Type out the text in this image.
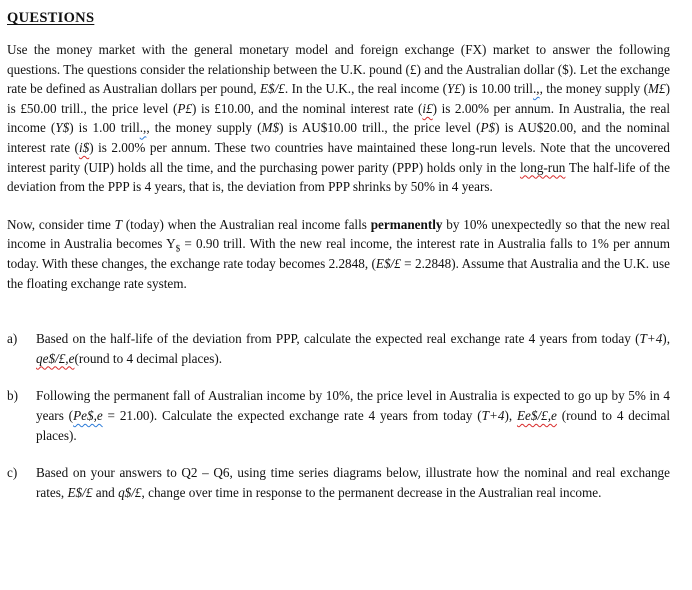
QUESTIONS

Use the money market with the general monetary model and foreign exchange (FX) market to answer the following questions. The questions consider the relationship between the U.K. pound (£) and the Australian dollar ($). Let the exchange rate be defined as Australian dollars per pound, E$/£. In the U.K., the real income (Y£) is 10.00 trill.,, the money supply (M£) is £50.00 trill., the price level (P£) is £10.00, and the nominal interest rate (i£) is 2.00% per annum. In Australia, the real income (Y$) is 1.00 trill.,, the money supply (M$) is AU$10.00 trill., the price level (P$) is AU$20.00, and the nominal interest rate (i$) is 2.00% per annum. These two countries have maintained these long-run levels. Note that the uncovered interest parity (UIP) holds all the time, and the purchasing power parity (PPP) holds only in the long-run The half-life of the deviation from the PPP is 4 years, that is, the deviation from PPP shrinks by 50% in 4 years.

Now, consider time T (today) when the Australian real income falls permanently by 10% unexpectedly so that the new real income in Australia becomes $Y_{\$} = 0.90$ trill. With the new real income, the interest rate in Australia falls to 1% per annum today. With these changes, the exchange rate today becomes 2.2848, (E$/£ = 2.2848). Assume that Australia and the U.K. use the floating exchange rate system.

a)	Based on the half-life of the deviation from PPP, calculate the expected real exchange rate 4 years from today (T+4), qe$/£,e(round to 4 decimal places).
b)	Following the permanent fall of Australian income by 10%, the price level in Australia is expected to go up by 5% in 4 years (Pe$,e = 21.00). Calculate the expected exchange rate 4 years from today (T+4), Ee$/£,e (round to 4 decimal places).
c)	Based on your answers to Q2 – Q6, using time series diagrams below, illustrate how the nominal and real exchange rates, E$/£ and q$/£, change over time in response to the permanent decrease in the Australian real income.
